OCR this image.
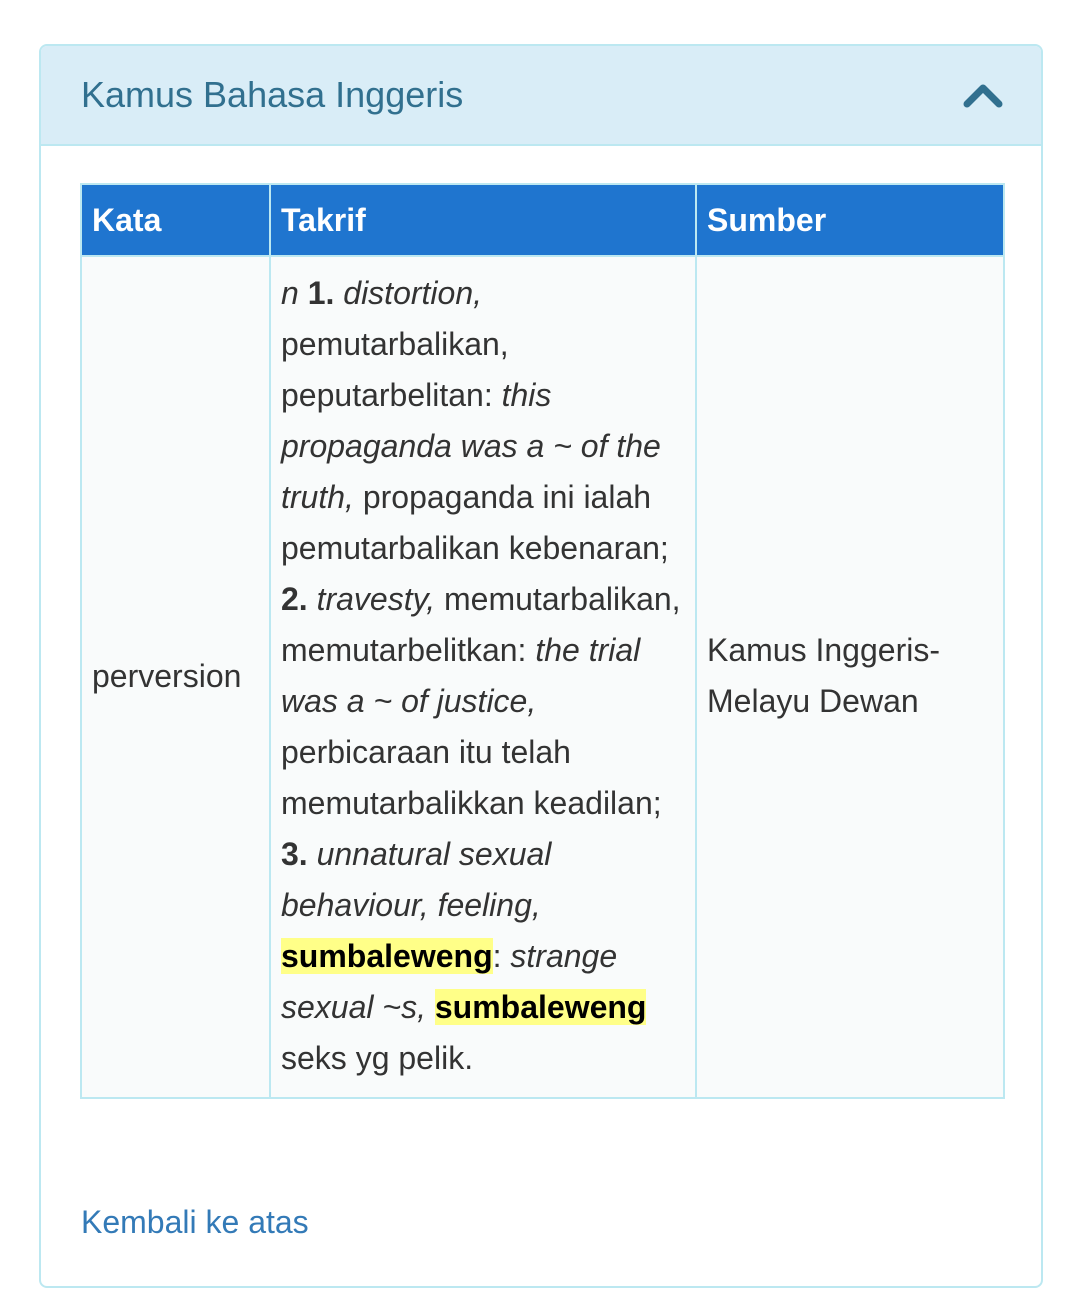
Kamus Bahasa Inggeris
Kata	Takrif	Sumber
perversion	n 1. distortion, pemutarbalikan, peputarbelitan: this propaganda was a ~ of the truth, propaganda ini ialah pemutarbalikan kebenaran; 2. travesty, memutarbalikan, memutarbelitkan: the trial was a ~ of justice, perbicaraan itu telah memutarbalikkan keadilan; 3. unnatural sexual behaviour, feeling, sumbaleweng: strange sexual ~s, sumbaleweng seks yg pelik.	Kamus Inggeris-Melayu Dewan
Kembali ke atas
